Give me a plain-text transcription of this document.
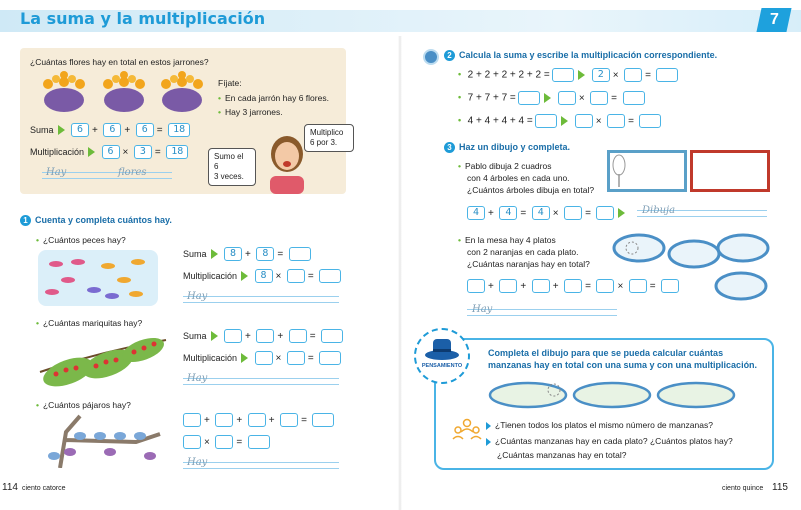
La suma y la multiplicación	7
¿Cuántas flores hay en total en estos jarrones?
Fíjate:
• En cada jarrón hay 6 flores.
• Hay 3 jarrones.
Suma 6 + 6 + 6 = 18
Multiplicación 6 × 3 = 18
Hay	flores
Sumo el 6
3 veces.
Multiplico
6 por 3.
1 Cuenta y completa cuántos hay.
• ¿Cuántos peces hay?
Suma 8 + 8 =
Multiplicación 8 ×	=
Hay
• ¿Cuántas mariquitas hay?
Suma	+	+	=
Multiplicación	×	=
Hay
• ¿Cuántos pájaros hay?
+	+	+	=
×	=
Hay
2 Calcula la suma y escribe la multiplicación correspondiente.
• 2 + 2 + 2 + 2 + 2 =	2 ×	=
• 7 + 7 + 7 =	×	=
• 4 + 4 + 4 + 4 =	×	=
3 Haz un dibujo y completa.
• Pablo dibuja 2 cuadros
con 4 árboles en cada uno.
¿Cuántos árboles dibuja en total?
4 + 4 = 4 ×	=	Dibuja
• En la mesa hay 4 platos
con 2 naranjas en cada plato.
¿Cuántas naranjas hay en total?
+	+	+	=	×	=
Hay
PENSAMIENTO
Completa el dibujo para que se pueda calcular cuántas
manzanas hay en total con una suma y con una multiplicación.
¿Tienen todos los platos el mismo número de manzanas?
¿Cuántas manzanas hay en cada plato? ¿Cuántos platos hay?
¿Cuántas manzanas hay en total?
114 ciento catorce	ciento quince 115
